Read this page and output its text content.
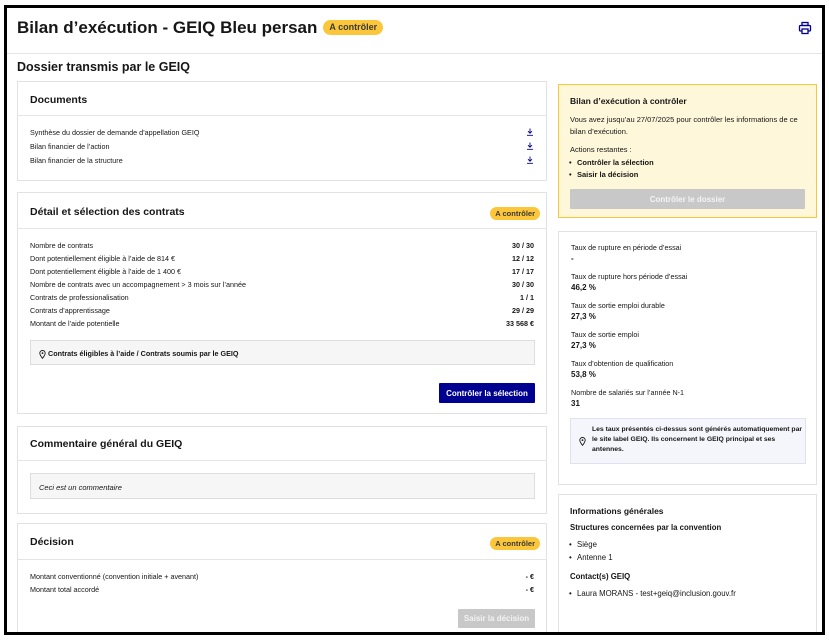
Bilan d’exécution - GEIQ Bleu persan A contrôler
Dossier transmis par le GEIQ
Documents
Synthèse du dossier de demande d’appellation GEIQ
Bilan financier de l’action
Bilan financier de la structure
Détail et sélection des contrats	A contrôler
Nombre de contrats	30 / 30
Dont potentiellement éligible à l’aide de 814 €	12 / 12
Dont potentiellement éligible à l’aide de 1 400 €	17 / 17
Nombre de contrats avec un accompagnement > 3 mois sur l’année	30 / 30
Contrats de professionalisation	1 / 1
Contrats d’apprentissage	29 / 29
Montant de l’aide potentielle	33 568 €
Contrats éligibles à l’aide / Contrats soumis par le GEIQ
Contrôler la sélection
Commentaire général du GEIQ
Ceci est un commentaire
Décision	A contrôler
Montant conventionné (convention initiale + avenant)	- €
Montant total accordé	- €
Saisir la décision
Bilan d’exécution à contrôler
Vous avez jusqu’au 27/07/2025 pour contrôler les informations de ce bilan d’exécution.
Actions restantes :
• Contrôler la sélection
• Saisir la décision
Contrôler le dossier
Taux de rupture en période d’essai
-
Taux de rupture hors période d’essai
46,2 %
Taux de sortie emploi durable
27,3 %
Taux de sortie emploi
27,3 %
Taux d’obtention de qualification
53,8 %
Nombre de salariés sur l’année N-1
31
Les taux présentés ci-dessus sont générés automatiquement par le site label GEIQ. Ils concernent le GEIQ principal et ses antennes.
Informations générales
Structures concernées par la convention
• Siège
• Antenne 1
Contact(s) GEIQ
• Laura MORANS - test+geiq@inclusion.gouv.fr
